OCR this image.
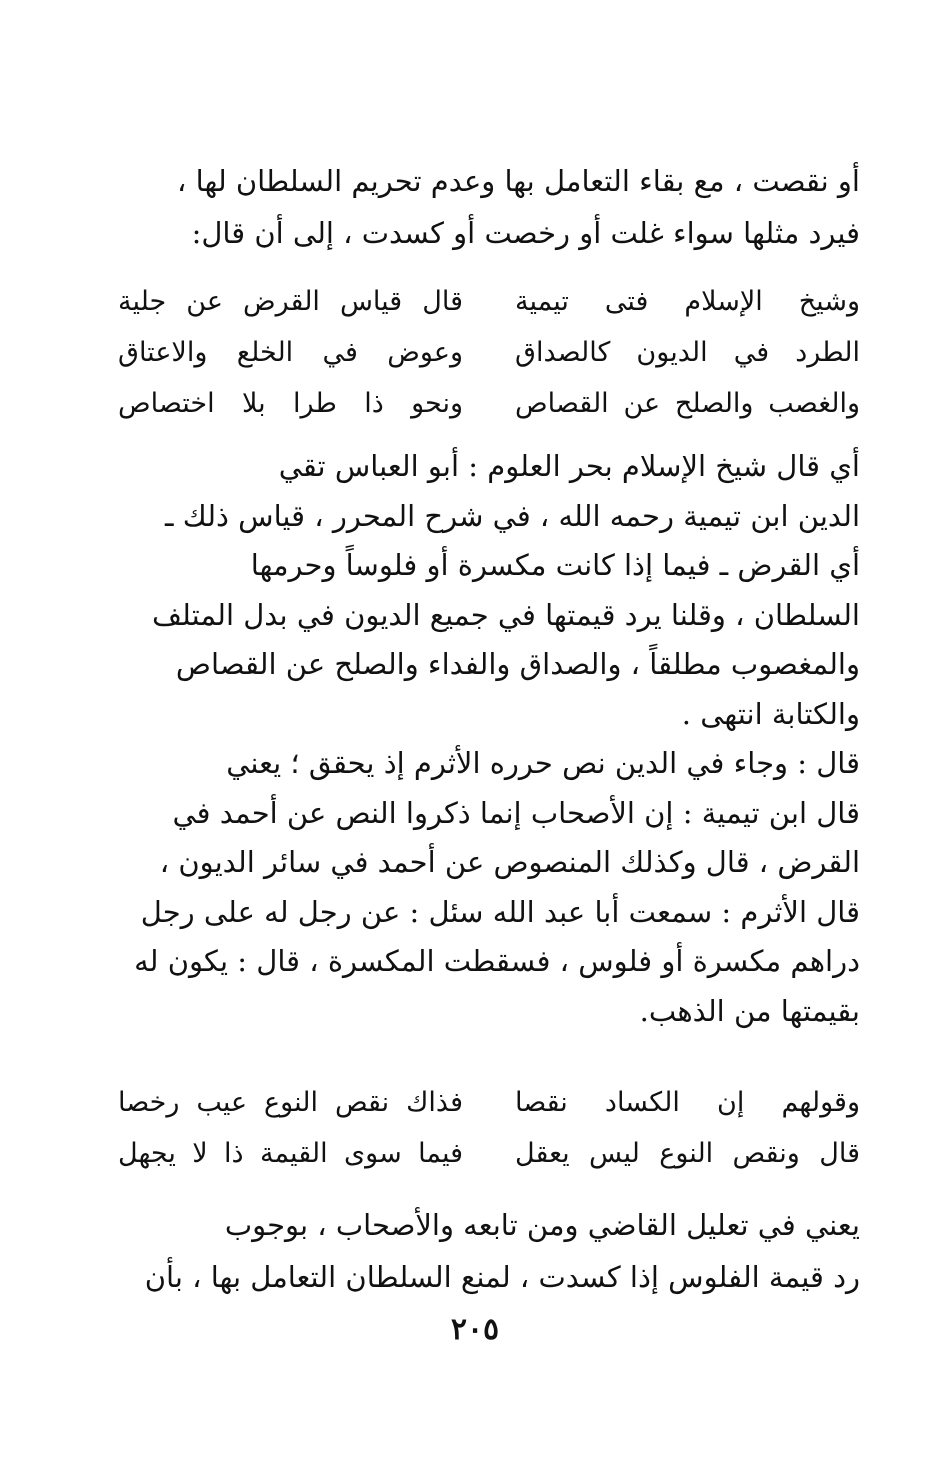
أو نقصت ، مع بقاء التعامل بها وعدم تحريم السلطان لها ،
فيرد مثلها سواء غلت أو رخصت أو كسدت ، إلى أن قال:
وشيخ الإسلام فتى تيمية
قال قياس القرض عن جلية
الطرد في الديون كالصداق
وعوض في الخلع والاعتاق
والغصب والصلح عن القصاص
ونحو ذا طرا بلا اختصاص
أي قال شيخ الإسلام بحر العلوم : أبو العباس تقي
الدين ابن تيمية رحمه الله ، في شرح المحرر ، قياس ذلك ـ
أي القرض ـ فيما إذا كانت مكسرة أو فلوساً وحرمها
السلطان ، وقلنا يرد قيمتها في جميع الديون في بدل المتلف
والمغصوب مطلقاً ، والصداق والفداء والصلح عن القصاص
والكتابة انتهى .
قال : وجاء في الدين نص حرره الأثرم إذ يحقق ؛ يعني
قال ابن تيمية : إن الأصحاب إنما ذكروا النص عن أحمد في
القرض ، قال وكذلك المنصوص عن أحمد في سائر الديون ،
قال الأثرم : سمعت أبا عبد الله سئل : عن رجل له على رجل
دراهم مكسرة أو فلوس ، فسقطت المكسرة ، قال : يكون له
بقيمتها من الذهب.
وقولهم إن الكساد نقصا
فذاك نقص النوع عيب رخصا
قال ونقص النوع ليس يعقل
فيما سوى القيمة ذا لا يجهل
يعني في تعليل القاضي ومن تابعه والأصحاب ، بوجوب
رد قيمة الفلوس إذا كسدت ، لمنع السلطان التعامل بها ، بأن
٢٠٥
